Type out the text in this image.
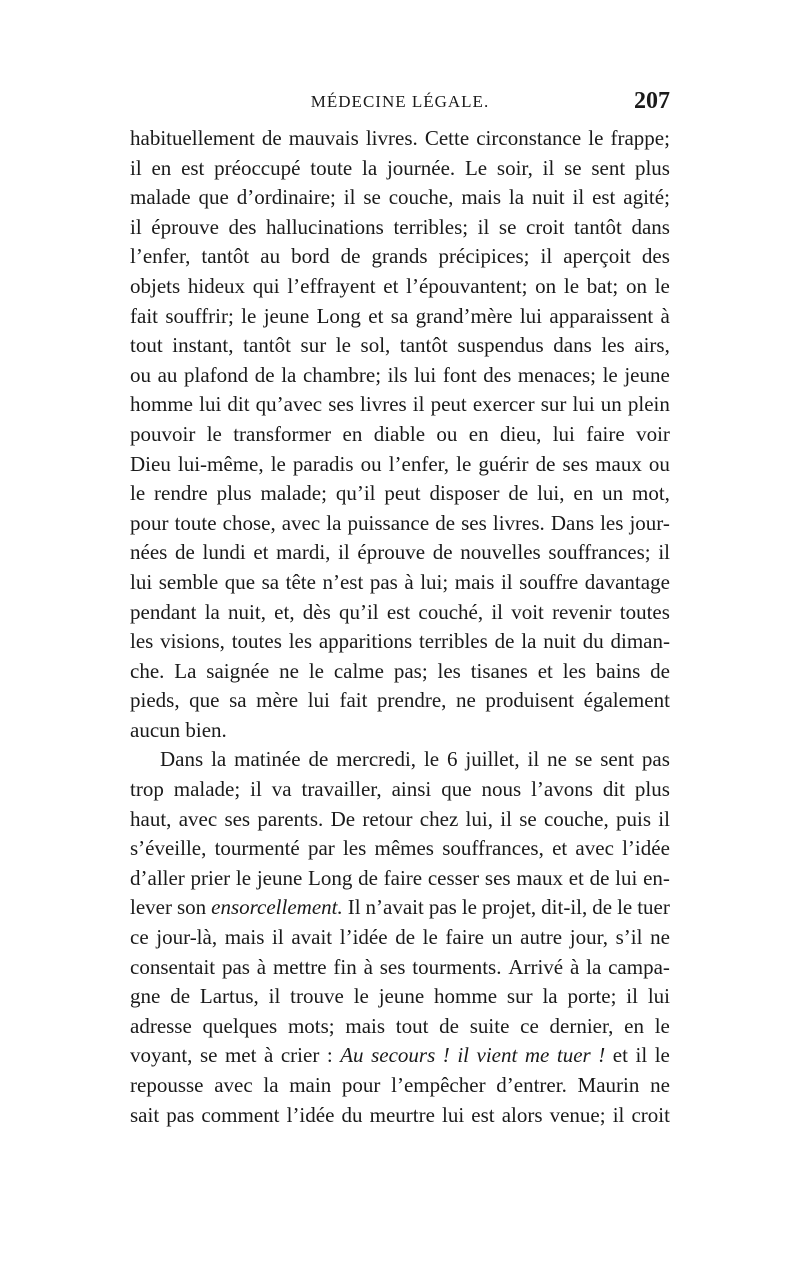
MÉDECINE LÉGALE.	207
habituellement de mauvais livres. Cette circonstance le frappe;
il en est préoccupé toute la journée. Le soir, il se sent plus
malade que d’ordinaire; il se couche, mais la nuit il est agité;
il éprouve des hallucinations terribles; il se croit tantôt dans
l’enfer, tantôt au bord de grands précipices; il aperçoit des
objets hideux qui l’effrayent et l’épouvantent; on le bat; on le
fait souffrir; le jeune Long et sa grand’mère lui apparaissent à
tout instant, tantôt sur le sol, tantôt suspendus dans les airs,
ou au plafond de la chambre; ils lui font des menaces; le jeune
homme lui dit qu’avec ses livres il peut exercer sur lui un plein
pouvoir le transformer en diable ou en dieu, lui faire voir
Dieu lui-même, le paradis ou l’enfer, le guérir de ses maux ou
le rendre plus malade; qu’il peut disposer de lui, en un mot,
pour toute chose, avec la puissance de ses livres. Dans les jour-
nées de lundi et mardi, il éprouve de nouvelles souffrances; il
lui semble que sa tête n’est pas à lui; mais il souffre davantage
pendant la nuit, et, dès qu’il est couché, il voit revenir toutes
les visions, toutes les apparitions terribles de la nuit du diman-
che. La saignée ne le calme pas; les tisanes et les bains de
pieds, que sa mère lui fait prendre, ne produisent également
aucun bien.
Dans la matinée de mercredi, le 6 juillet, il ne se sent pas
trop malade; il va travailler, ainsi que nous l’avons dit plus
haut, avec ses parents. De retour chez lui, il se couche, puis il
s’éveille, tourmenté par les mêmes souffrances, et avec l’idée
d’aller prier le jeune Long de faire cesser ses maux et de lui en-
lever son ensorcellement. Il n’avait pas le projet, dit-il, de le tuer
ce jour-là, mais il avait l’idée de le faire un autre jour, s’il ne
consentait pas à mettre fin à ses tourments. Arrivé à la campa-
gne de Lartus, il trouve le jeune homme sur la porte; il lui
adresse quelques mots; mais tout de suite ce dernier, en le
voyant, se met à crier : Au secours ! il vient me tuer ! et il le
repousse avec la main pour l’empêcher d’entrer. Maurin ne
sait pas comment l’idée du meurtre lui est alors venue; il croit
